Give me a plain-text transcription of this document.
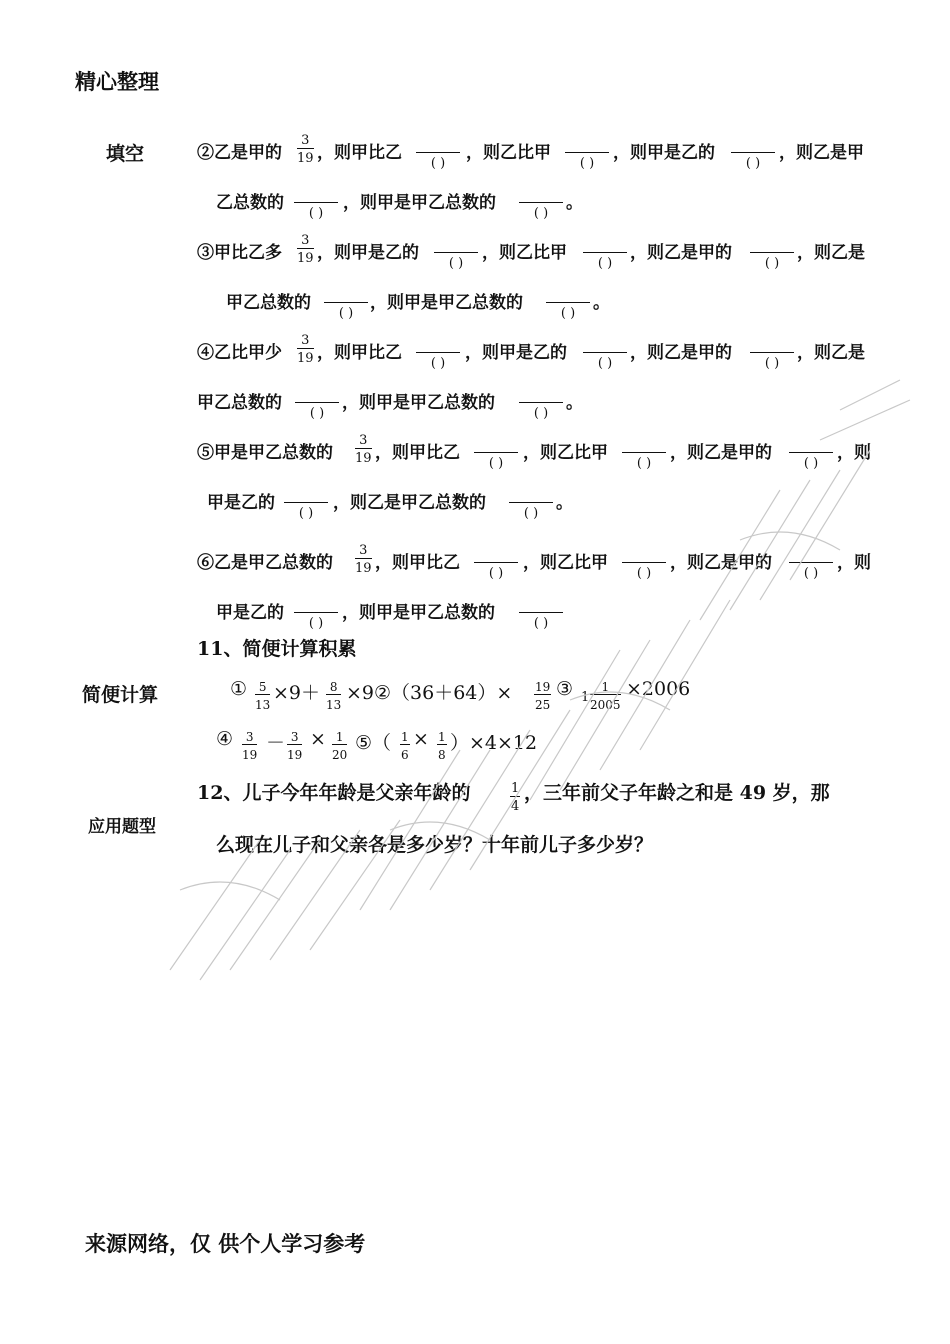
精心整理
填空
简便计算
应用题型
②乙是甲的 $\frac{3}{19}$ ，则甲比乙
( )
，则乙比甲
( )
，则甲是乙的
( )
，则乙是甲
乙总数的
( )
，则甲是甲乙总数的
( )
。
③甲比乙多 $\frac{3}{19}$ ，则甲是乙的
( )
，则乙比甲
( )
，则乙是甲的
( )
，则乙是
甲乙总数的
( )
，则甲是甲乙总数的
( )
。
④乙比甲少 $\frac{3}{19}$ ，则甲比乙
( )
，则甲是乙的
( )
，则乙是甲的
( )
，则乙是
甲乙总数的
( )
，则甲是甲乙总数的
( )
。
⑤甲是甲乙总数的 $\frac{3}{19}$ ，则甲比乙
( )
，则乙比甲
( )
，则乙是甲的
( )
，则
甲是乙的
( )
，则乙是甲乙总数的
( )
。
⑥乙是甲乙总数的 $\frac{3}{19}$ ，则甲比乙
( )
，则乙比甲
( )
，则乙是甲的
( )
，则
甲是乙的
( )
，则甲是甲乙总数的
( )
11、简便计算积累
① $\frac{5}{13} \times 9+ \frac{8}{13}$ ×9②（36＋64）× $\frac{19}{25}$ ③ $1 \frac{1}{2005} \times 2006$
④ $\frac{3}{19} - \frac{3}{19} \times \frac{1}{20}$ ⑤（ $\frac{1}{6} \times \frac{1}{8} )\times 4\times 12$
12、儿子今年年龄是父亲年龄的	$\frac{1}{4}$ ，三年前父子年龄之和是 49 岁，那
么现在儿子和父亲各是多少岁？十年前儿子多少岁？
来源网络，仅 供个人学习参考
